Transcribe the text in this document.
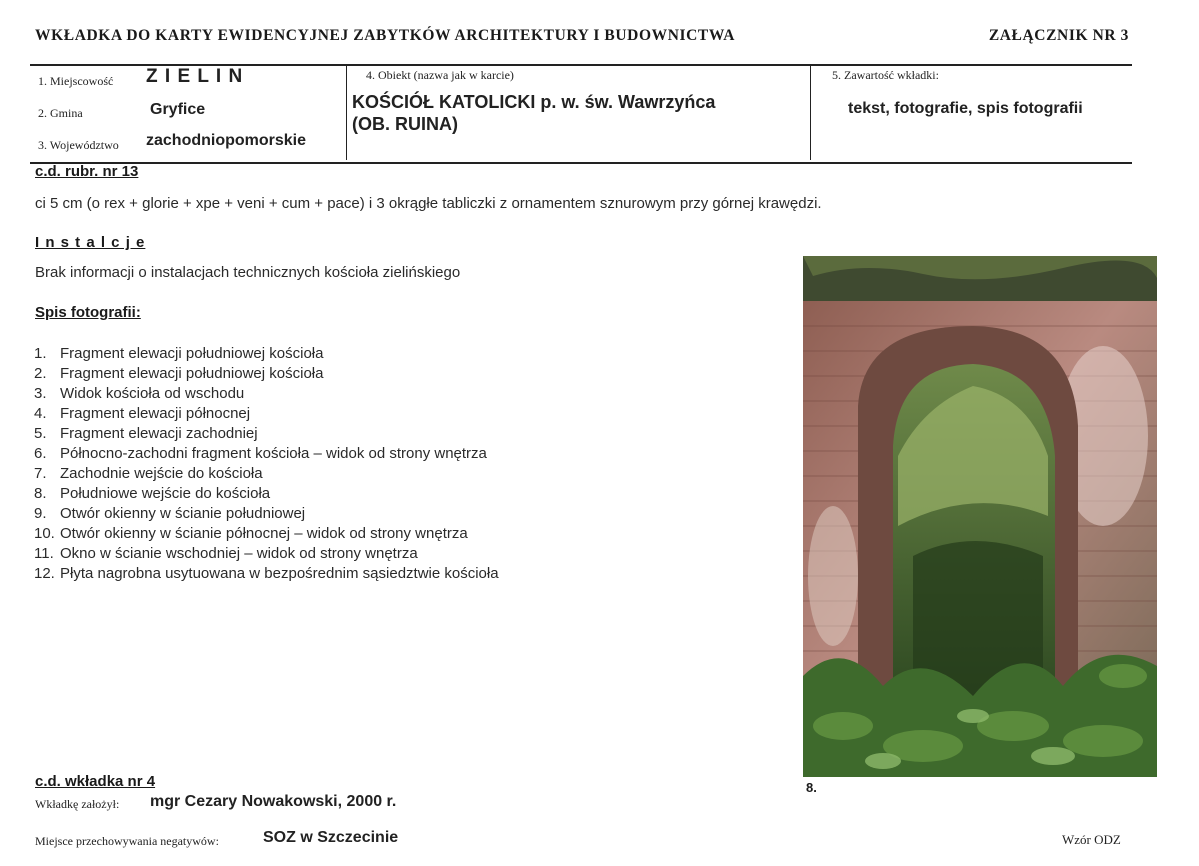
WKŁADKA DO KARTY EWIDENCYJNEJ ZABYTKÓW ARCHITEKTURY I BUDOWNICTWA	ZAŁĄCZNIK NR 3
1. Miejscowość Z I E L I N
2. Gmina	Gryfice
3. Województwo zachodniopomorskie
4. Obiekt (nazwa jak w karcie)
KOŚCIÓŁ KATOLICKI p. w. św. Wawrzyńca
(OB. RUINA)
5. Zawartość wkładki:
tekst, fotografie, spis fotografii
c.d. rubr. nr 13
ci 5 cm (o rex + glorie + xpe + veni + cum + pace) i 3 okrągłe tabliczki z ornamentem sznurowym przy górnej krawędzi.
I n s t a l c j e
Brak informacji o instalacjach technicznych kościoła zielińskiego
Spis fotografii:
1. Fragment elewacji południowej kościoła
2. Fragment elewacji południowej kościoła
3. Widok kościoła od wschodu
4. Fragment elewacji północnej
5. Fragment elewacji zachodniej
6. Północno-zachodni fragment kościoła – widok od strony wnętrza
7. Zachodnie wejście do kościoła
8. Południowe wejście do kościoła
9. Otwór okienny w ścianie południowej
10. Otwór okienny w ścianie północnej – widok od strony wnętrza
11. Okno w ścianie wschodniej – widok od strony wnętrza
12. Płyta nagrobna usytuowana w bezpośrednim sąsiedztwie kościoła
8.
c.d. wkładka nr 4
Wkładkę założył: mgr Cezary Nowakowski, 2000 r.
Miejsce przechowywania negatywów:	SOZ w Szczecinie	Wzór ODZ
